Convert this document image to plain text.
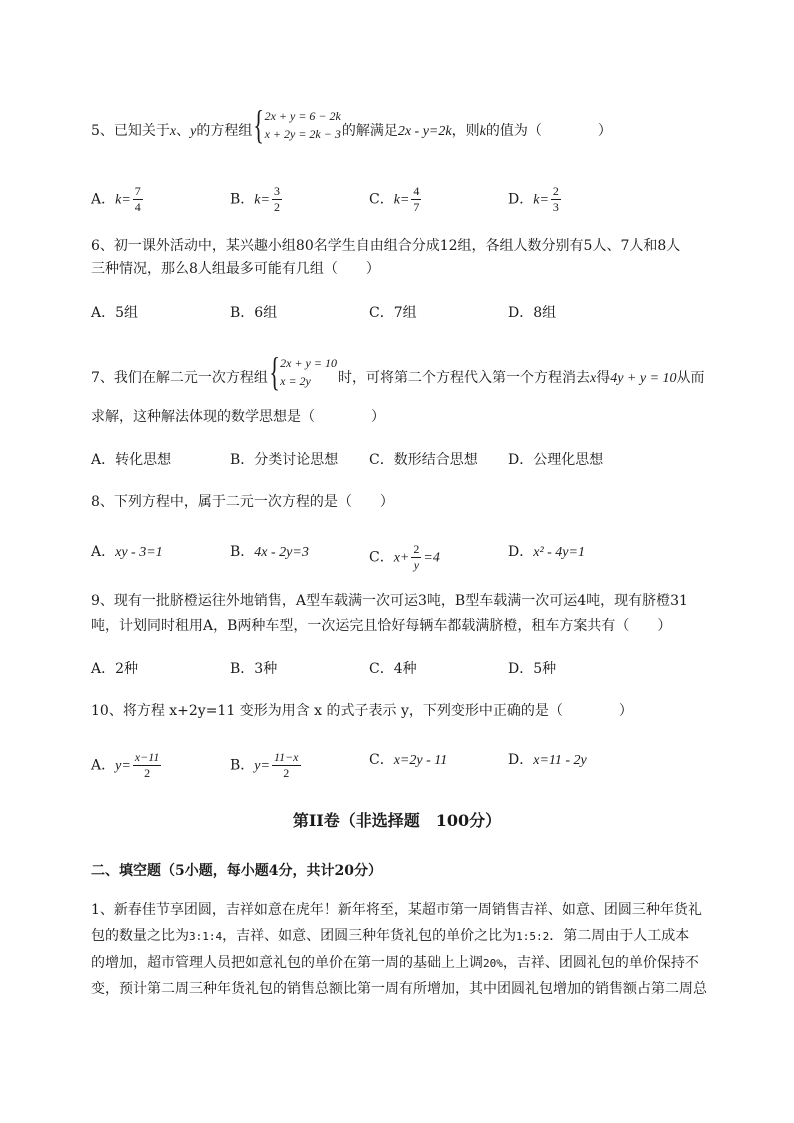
5、已知关于x、y的方程组 { 2x + y = 6 − 2k
x + 2y = 2k − 3 的解满足2x - y=2k，则k的值为（　　　　）
A．$k= \frac{7}{4}$	B．$k= \frac{3}{2}$	C．$k= \frac{4}{7}$	D．$k= \frac{2}{3}$
6、初一课外活动中，某兴趣小组80名学生自由组合分成12组，各组人数分别有5人、7人和8人
三种情况，那么8人组最多可能有几组（　　）
A．5组	B．6组	C．7组	D．8组
7、我们在解二元一次方程组 { 2x + y = 10
x = 2y	时，可将第二个方程代入第一个方程消去x得4y + y = 10从而
求解，这种解法体现的数学思想是（　　　　）
A．转化思想	B．分类讨论思想 C．数形结合思想 D．公理化思想
8、下列方程中，属于二元一次方程的是（　　）
A．xy - 3=1	B．4x - 2y=3	C．$x+ \frac{2}{y} =4$	D．x² - 4y=1
9、现有一批脐橙运往外地销售，A型车载满一次可运3吨，B型车载满一次可运4吨，现有脐橙31
吨，计划同时租用A，B两种车型，一次运完且恰好每辆车都载满脐橙，租车方案共有（　　）
A．2种	B．3种	C．4种	D．5种
10、将方程 x+2y=11 变形为用含 x 的式子表示 y，下列变形中正确的是（　　　　）
A．$y= \frac{x-11}{2}$	B．$y= \frac{11-x}{2}$	C．x=2y - 11	D．x=11 - 2y
第II卷（非选择题　100分）
二、填空题（5小题，每小题4分，共计20分）
1、新春佳节享团圆，吉祥如意在虎年！新年将至，某超市第一周销售吉祥、如意、团圆三种年货礼
包的数量之比为3:1:4，吉祥、如意、团圆三种年货礼包的单价之比为1:5:2．第二周由于人工成本
的增加，超市管理人员把如意礼包的单价在第一周的基础上上调20%，吉祥、团圆礼包的单价保持不
变，预计第二周三种年货礼包的销售总额比第一周有所增加，其中团圆礼包增加的销售额占第二周总
